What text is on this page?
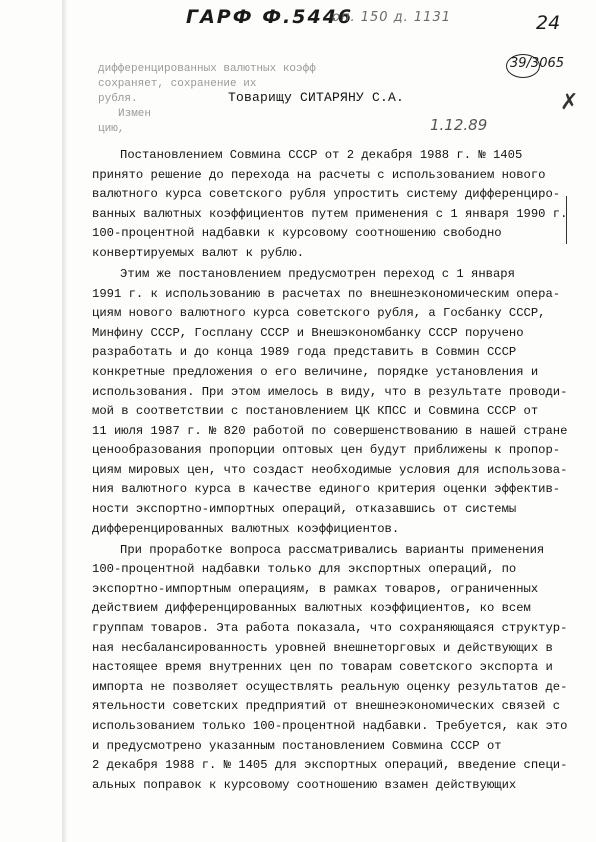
ГАРФ Ф.5446
оп. 150 д. 1131	24
39/3065
✗
1.12.89
дифференцированных валютных коэфф
сохраняет, сохранение их
рубля.
Измен
цию,
Товарищу СИТАРЯНУ С.А.
Постановлением Совмина СССР от 2 декабря 1988 г. № 1405
принято решение до перехода на расчеты с использованием нового
валютного курса советского рубля упростить систему дифференциро-
ванных валютных коэффициентов путем применения с 1 января 1990 г.
100-процентной надбавки к курсовому соотношению свободно
конвертируемых валют к рублю.
Этим же постановлением предусмотрен переход с 1 января
1991 г. к использованию в расчетах по внешнеэкономическим опера-
циям нового валютного курса советского рубля, а Госбанку СССР,
Минфину СССР, Госплану СССР и Внешэкономбанку СССР поручено
разработать и до конца 1989 года представить в Совмин СССР
конкретные предложения о его величине, порядке установления и
использования. При этом имелось в виду, что в результате проводи-
мой в соответствии с постановлением ЦК КПСС и Совмина СССР от
11 июля 1987 г. № 820 работой по совершенствованию в нашей стране
ценообразования пропорции оптовых цен будут приближены к пропор-
циям мировых цен, что создаст необходимые условия для использова-
ния валютного курса в качестве единого критерия оценки эффектив-
ности экспортно-импортных операций, отказавшись от системы
дифференцированных валютных коэффициентов.
При проработке вопроса рассматривались варианты применения
100-процентной надбавки только для экспортных операций, по
экспортно-импортным операциям, в рамках товаров, ограниченных
действием дифференцированных валютных коэффициентов, ко всем
группам товаров. Эта работа показала, что сохраняющаяся структур-
ная несбалансированность уровней внешнеторговых и действующих в
настоящее время внутренних цен по товарам советского экспорта и
импорта не позволяет осуществлять реальную оценку результатов де-
ятельности советских предприятий от внешнеэкономических связей с
использованием только 100-процентной надбавки. Требуется, как это
и предусмотрено указанным постановлением Совмина СССР от
2 декабря 1988 г. № 1405 для экспортных операций, введение специ-
альных поправок к курсовому соотношению взамен действующих
